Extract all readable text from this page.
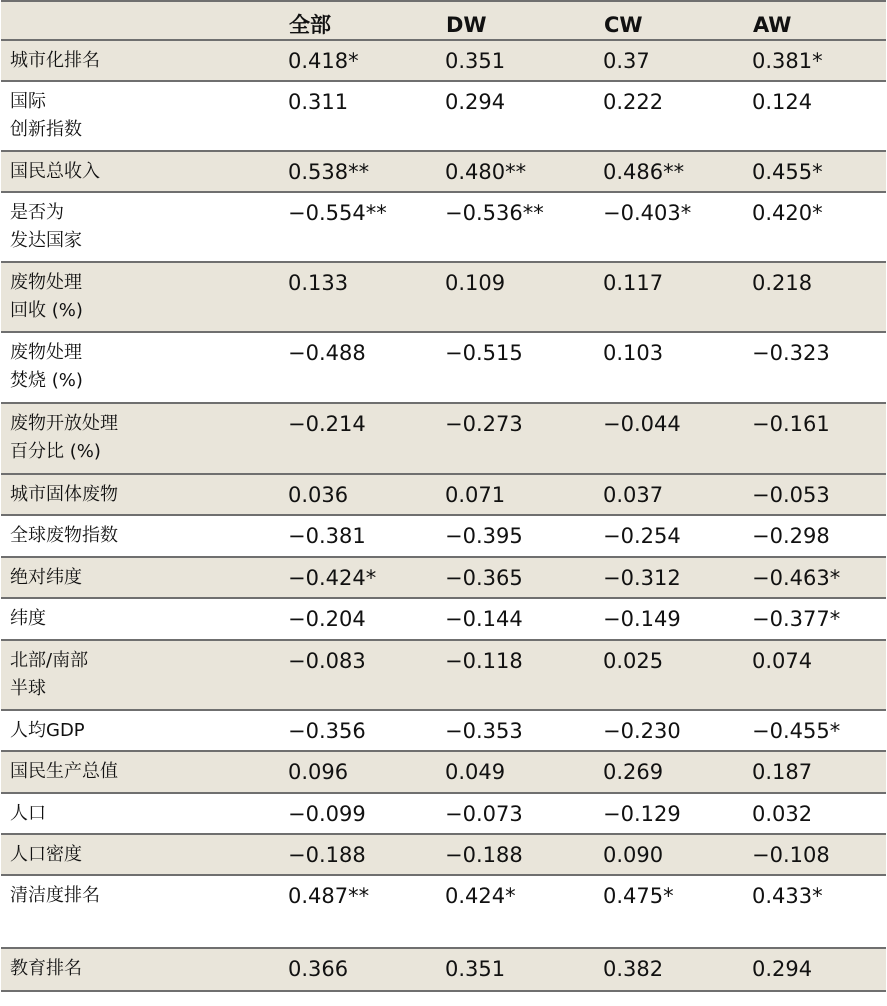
	全部	DW	CW	AW

城市化排名	0.418*	0.351	0.37	0.381*

国际
创新指数	0.311	0.294	0.222	0.124

国民总收入	0.538**	0.480**	0.486**	0.455*

是否为
发达国家	−0.554**	−0.536**	−0.403*	0.420*

废物处理
回收 (%)	0.133	0.109	0.117	0.218

废物处理
焚烧 (%)	−0.488	−0.515	0.103	−0.323

废物开放处理
百分比 (%)	−0.214	−0.273	−0.044	−0.161

城市固体废物	0.036	0.071	0.037	−0.053

全球废物指数	−0.381	−0.395	−0.254	−0.298

绝对纬度	−0.424*	−0.365	−0.312	−0.463*

纬度	−0.204	−0.144	−0.149	−0.377*

北部/南部
半球	−0.083	−0.118	0.025	0.074

人均GDP	−0.356	−0.353	−0.230	−0.455*

国民生产总值	0.096	0.049	0.269	0.187

人口	−0.099	−0.073	−0.129	0.032

人口密度	−0.188	−0.188	0.090	−0.108

清洁度排名	0.487**	0.424*	0.475*	0.433*

教育排名	0.366	0.351	0.382	0.294
